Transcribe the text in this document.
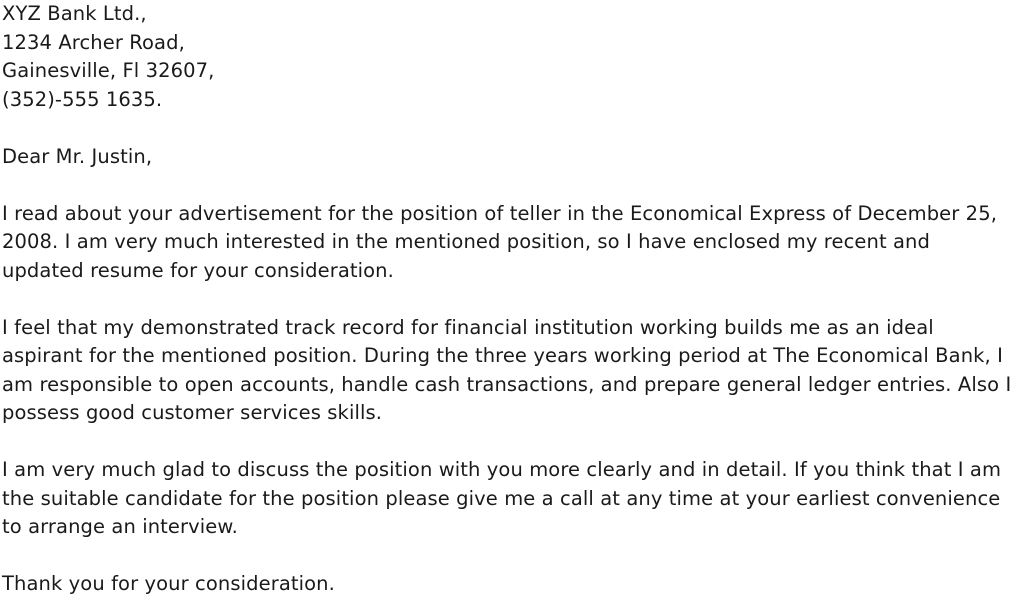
XYZ Bank Ltd.,
1234 Archer Road,
Gainesville, Fl 32607,
(352)-555 1635.

Dear Mr. Justin,

I read about your advertisement for the position of teller in the Economical Express of December 25, 2008. I am very much interested in the mentioned position, so I have enclosed my recent and updated resume for your consideration.

I feel that my demonstrated track record for financial institution working builds me as an ideal aspirant for the mentioned position. During the three years working period at The Economical Bank, I am responsible to open accounts, handle cash transactions, and prepare general ledger entries. Also I possess good customer services skills.

I am very much glad to discuss the position with you more clearly and in detail. If you think that I am the suitable candidate for the position please give me a call at any time at your earliest convenience to arrange an interview.

Thank you for your consideration.
